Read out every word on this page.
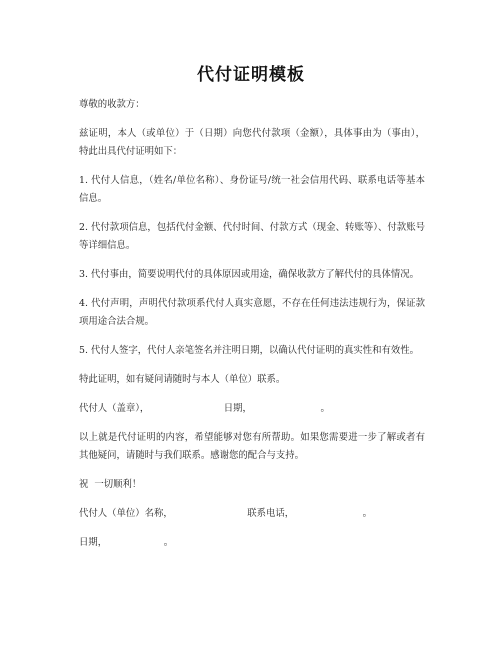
代付证明模板

尊敬的收款方：

兹证明，本人（或单位）于（日期）向您代付款项（金额），具体事由为（事由），特此出具代付证明如下：

1. 代付人信息，（姓名/单位名称）、身份证号/统一社会信用代码、联系电话等基本信息。

2. 代付款项信息，包括代付金额、代付时间、付款方式（现金、转账等）、付款账号等详细信息。

3. 代付事由，简要说明代付的具体原因或用途，确保收款方了解代付的具体情况。

4. 代付声明，声明代付款项系代付人真实意愿，不存在任何违法违规行为，保证款项用途合法合规。

5. 代付人签字，代付人亲笔签名并注明日期，以确认代付证明的真实性和有效性。

特此证明，如有疑问请随时与本人（单位）联系。

代付人（盖章），                         日期，                       。

以上就是代付证明的内容，希望能够对您有所帮助。如果您需要进一步了解或者有其他疑问，请随时与我们联系。感谢您的配合与支持。

祝  一切顺利！

代付人（单位）名称，                         联系电话，                       。

日期，                   。
